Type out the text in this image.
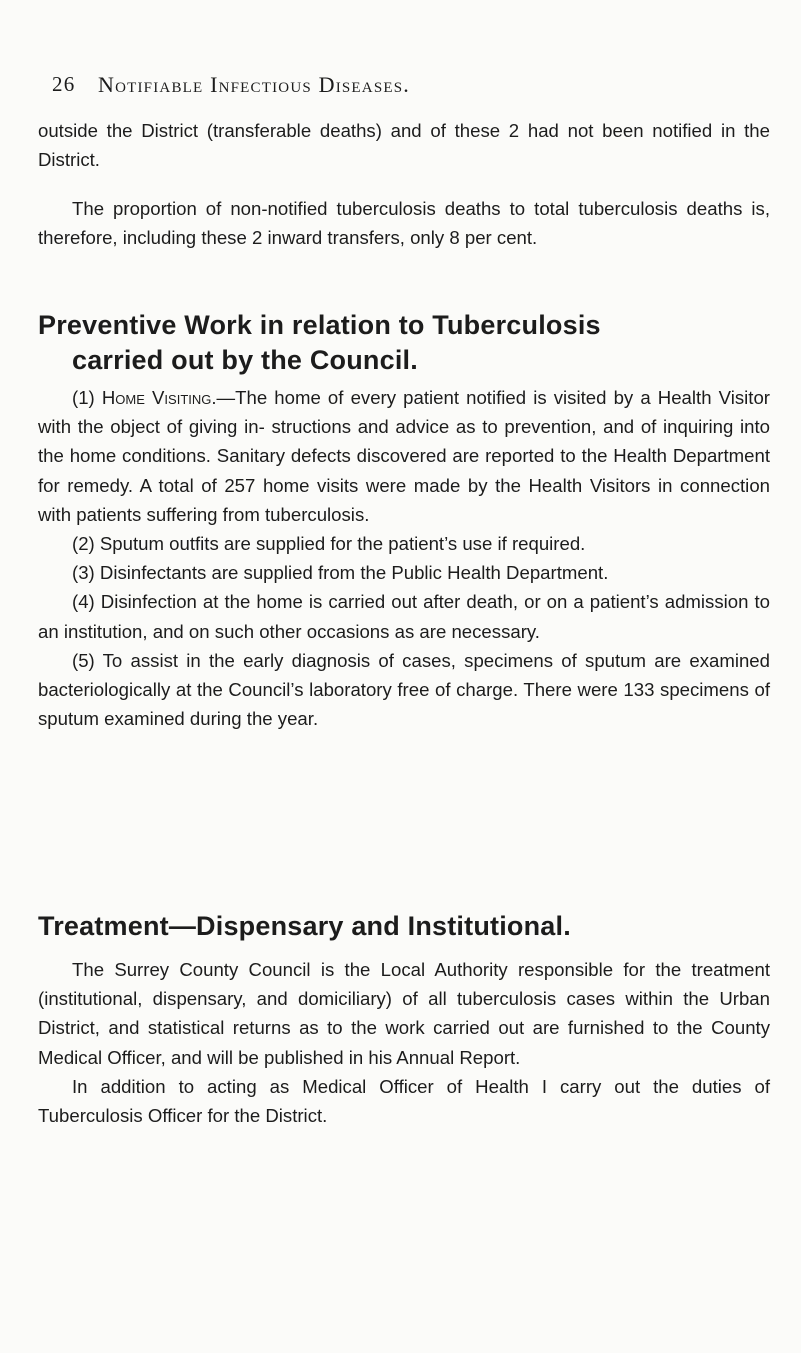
26 Notifiable Infectious Diseases.

outside the District (transferable deaths) and of these 2 had not been notified in the District.

The proportion of non-notified tuberculosis deaths to total tuberculosis deaths is, therefore, including these 2 inward transfers, only 8 per cent.

Preventive Work in relation to Tuberculosis
carried out by the Council.

(1) Home Visiting.—The home of every patient notified is visited by a Health Visitor with the object of giving in- structions and advice as to prevention, and of inquiring into the home conditions. Sanitary defects discovered are reported to the Health Department for remedy. A total of 257 home visits were made by the Health Visitors in connection with patients suffering from tuberculosis.

(2) Sputum outfits are supplied for the patient’s use if required.

(3) Disinfectants are supplied from the Public Health Department.

(4) Disinfection at the home is carried out after death, or on a patient’s admission to an institution, and on such other occasions as are necessary.

(5) To assist in the early diagnosis of cases, specimens of sputum are examined bacteriologically at the Council’s laboratory free of charge. There were 133 specimens of sputum examined during the year.

Treatment—Dispensary and Institutional.

The Surrey County Council is the Local Authority responsible for the treatment (institutional, dispensary, and domiciliary) of all tuberculosis cases within the Urban District, and statistical returns as to the work carried out are furnished to the County Medical Officer, and will be published in his Annual Report.

In addition to acting as Medical Officer of Health I carry out the duties of Tuberculosis Officer for the District.
